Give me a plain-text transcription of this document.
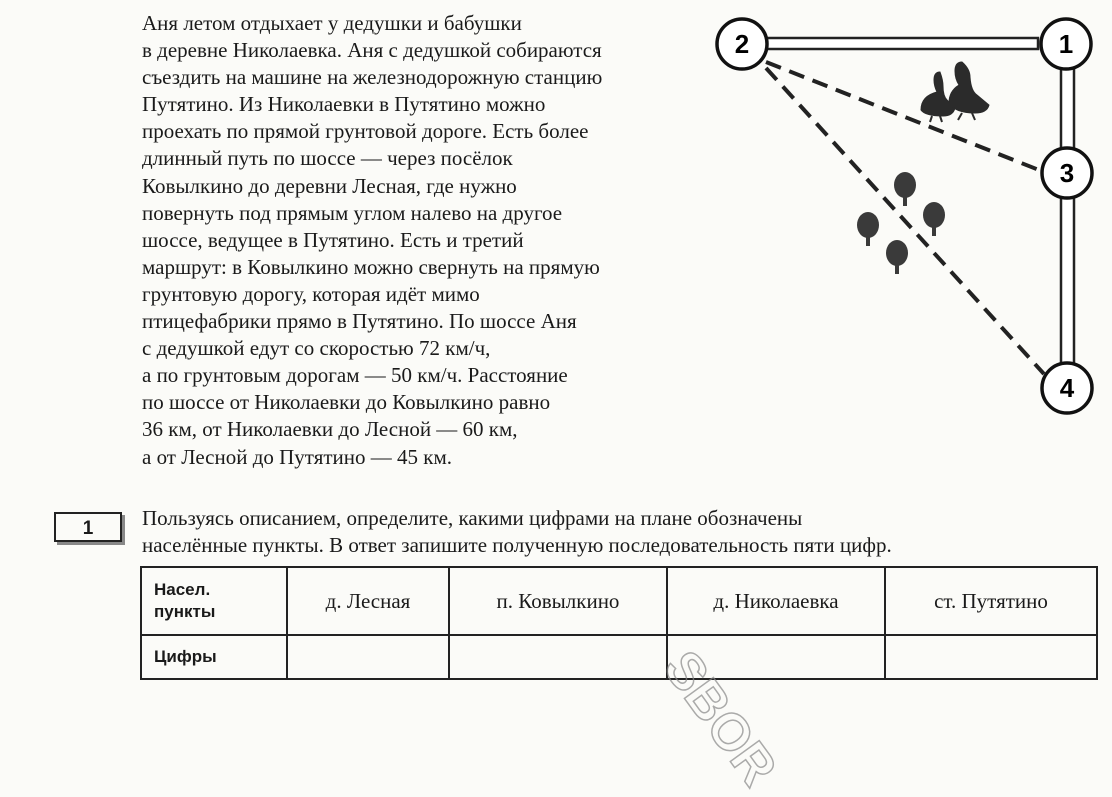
Аня летом отдыхает у дедушки и бабушки

в деревне Николаевка. Аня с дедушкой собираются

съездить на машине на железнодорожную станцию

Путятино. Из Николаевки в Путятино можно

проехать по прямой грунтовой дороге. Есть более

длинный путь по шоссе — через посёлок

Ковылкино до деревни Лесная, где нужно

повернуть под прямым углом налево на другое

шоссе, ведущее в Путятино. Есть и третий

маршрут: в Ковылкино можно свернуть на прямую

грунтовую дорогу, которая идёт мимо

птицефабрики прямо в Путятино. По шоссе Аня

с дедушкой едут со скоростью 72 км/ч,

а по грунтовым дорогам — 50 км/ч. Расстояние

по шоссе от Николаевки до Ковылкино равно

36 км, от Николаевки до Лесной — 60 км,

а от Лесной до Путятино — 45 км.

1
2
3
4
1	Пользуясь описанием, определите, какими цифрами на плане обозначены

населённые пункты. В ответ запишите полученную последовательность пяти цифр.

Насел.
пункты	д. Лесная	п. Ковылкино	д. Николаевка	ст. Путятино
Цифры					SBOR
